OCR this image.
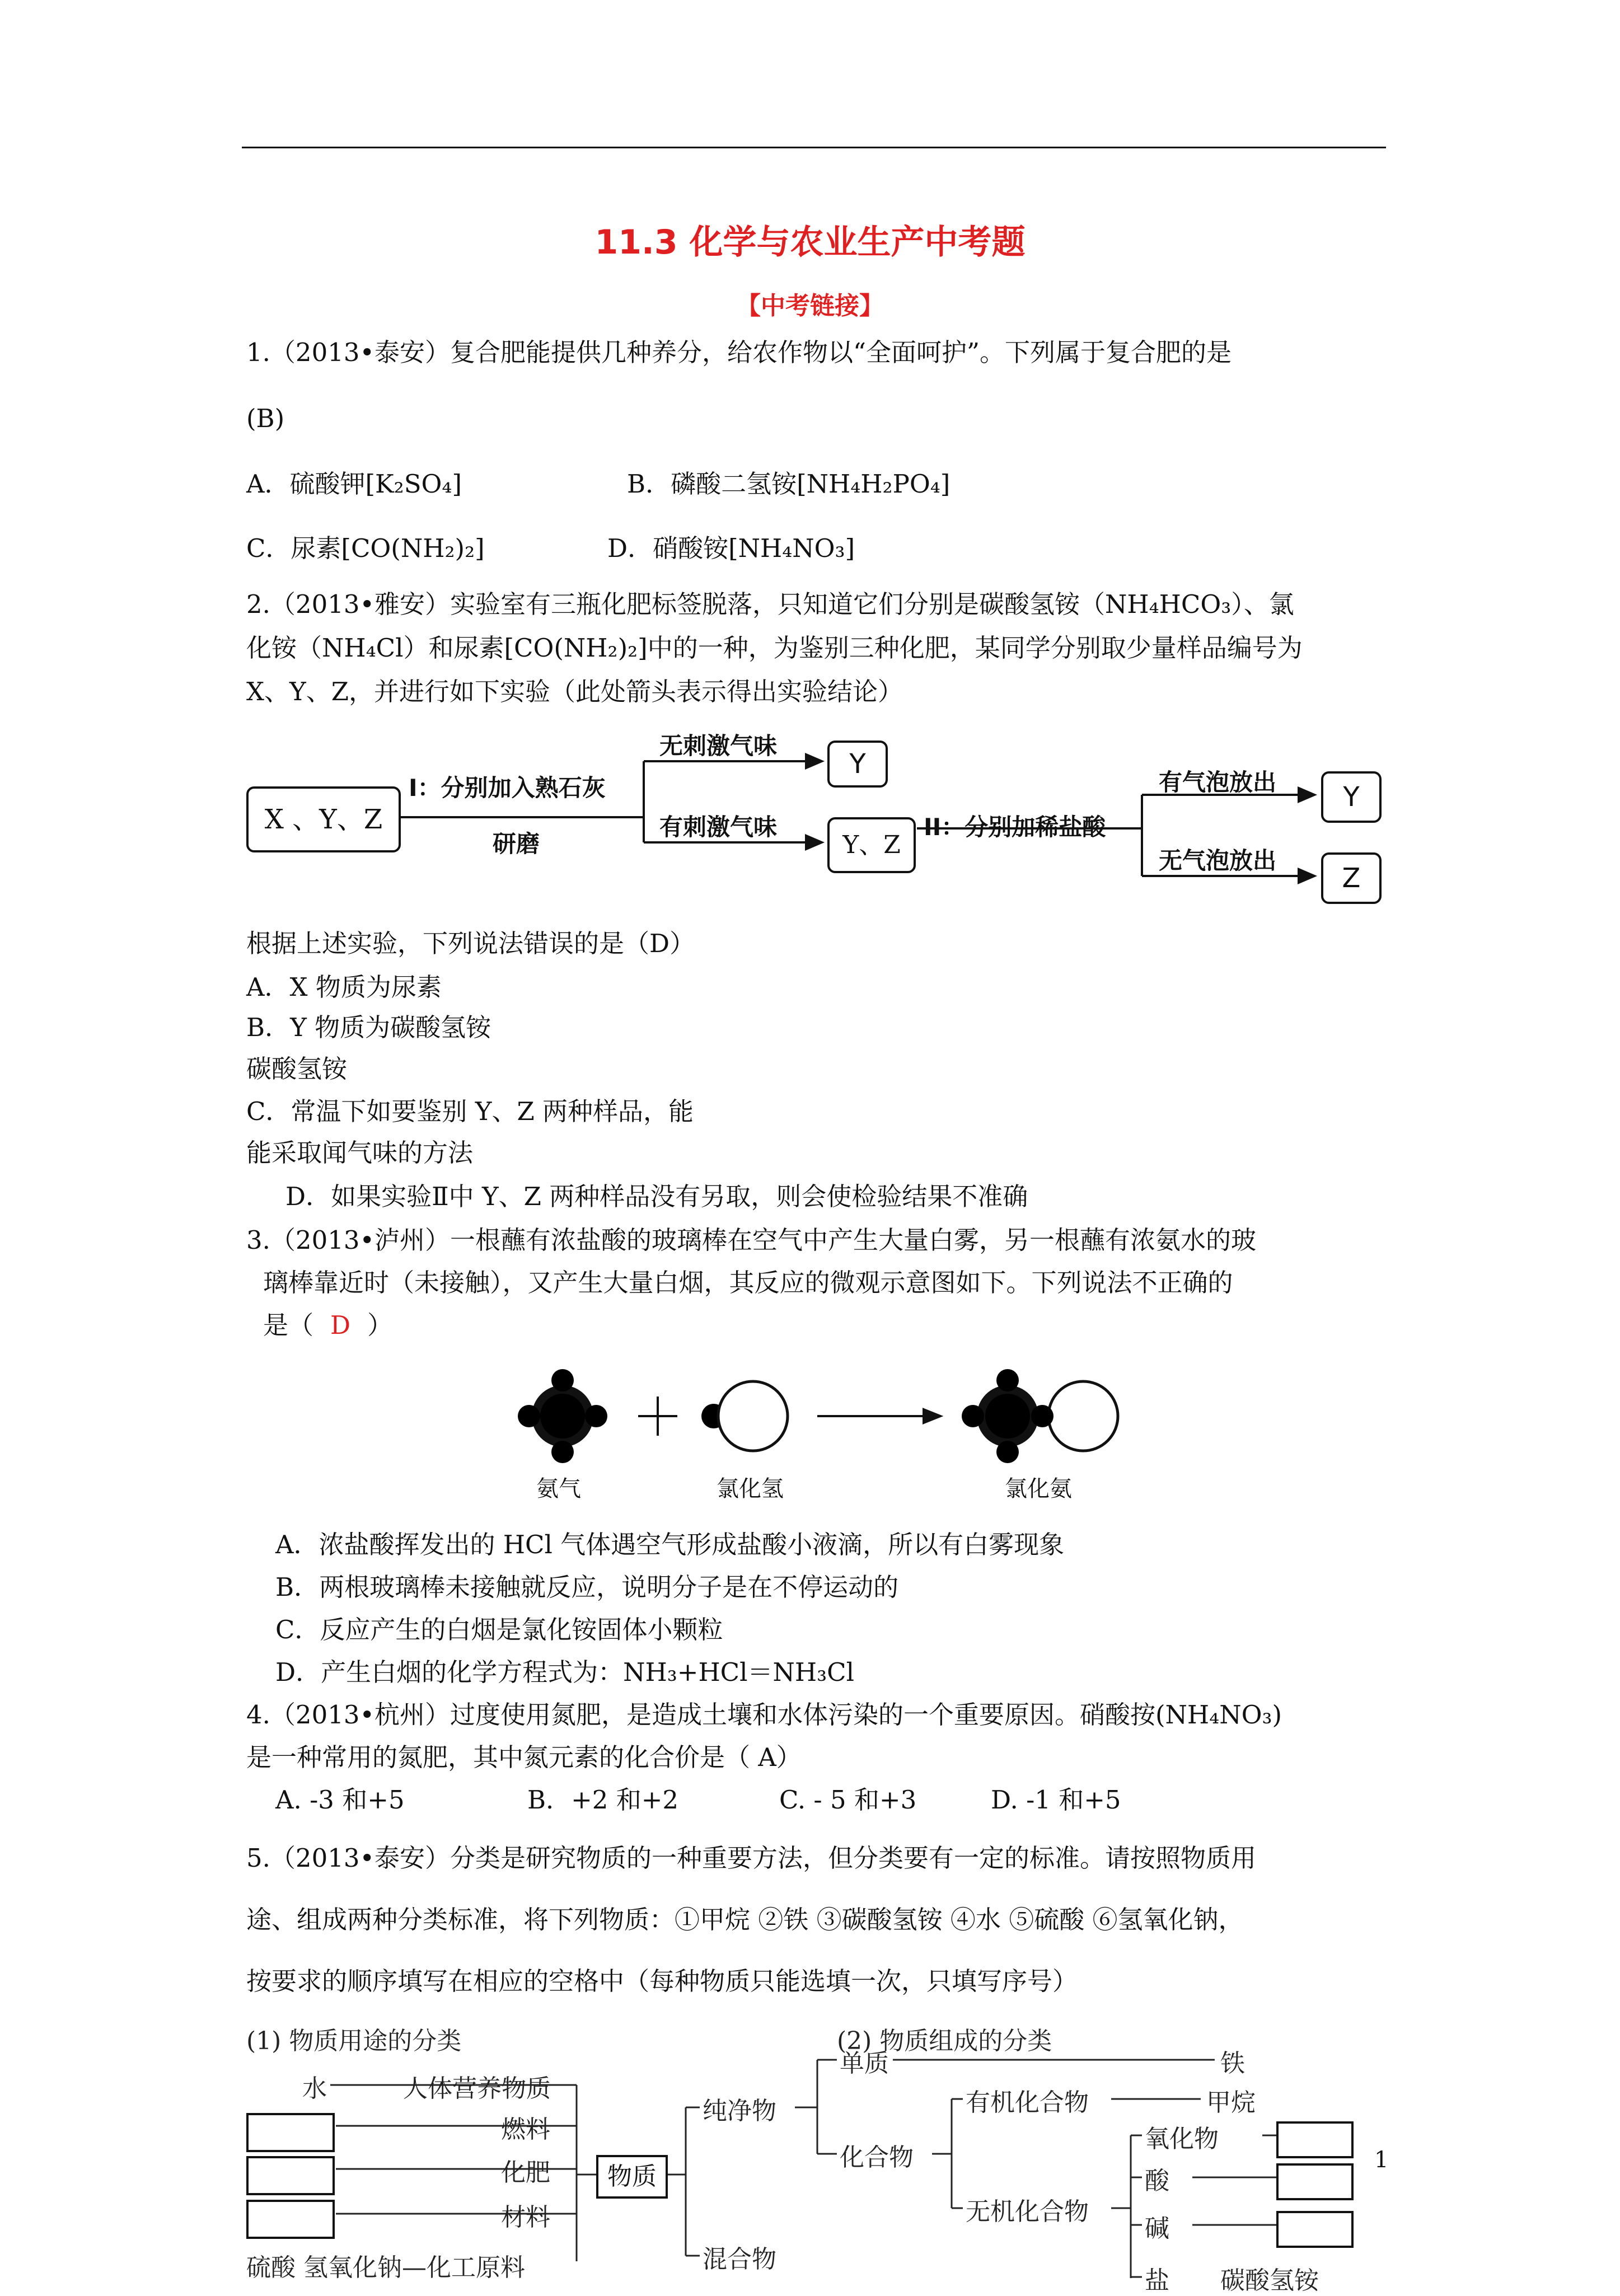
11.3 化学与农业生产中考题
【中考链接】
1.（2013•泰安）复合肥能提供几种养分，给农作物以“全面呵护”。下列属于复合肥的是
(B)
A．硫酸钾[K₂SO₄]	B．磷酸二氢铵[NH₄H₂PO₄]
C．尿素[CO(NH₂)₂]	D．硝酸铵[NH₄NO₃]
2.（2013•雅安）实验室有三瓶化肥标签脱落，只知道它们分别是碳酸氢铵（NH₄HCO₃）、氯
化铵（NH₄Cl）和尿素[CO(NH₂)₂]中的一种，为鉴别三种化肥，某同学分别取少量样品编号为
X、Y、Z，并进行如下实验（此处箭头表示得出实验结论）
X 、Y、Z
I：分别加入熟石灰
研磨
无刺激气味
Y
有刺激气味
Y、Z
II：分别加稀盐酸
有气泡放出	Y
无气泡放出
Z
根据上述实验，下列说法错误的是（D）
A．X 物质为尿素
B．Y 物质为碳酸氢铵
碳酸氢铵
C．常温下如要鉴别 Y、Z 两种样品，能
能采取闻气味的方法
D．如果实验Ⅱ中 Y、Z 两种样品没有另取，则会使检验结果不准确
3.（2013•泸州）一根蘸有浓盐酸的玻璃棒在空气中产生大量白雾，另一根蘸有浓氨水的玻
璃棒靠近时（未接触），又产生大量白烟，其反应的微观示意图如下。下列说法不正确的
是（ D ）
氨气	氯化氢	氯化氨
A．浓盐酸挥发出的 HCl 气体遇空气形成盐酸小液滴，所以有白雾现象
B．两根玻璃棒未接触就反应，说明分子是在不停运动的
C．反应产生的白烟是氯化铵固体小颗粒
D．产生白烟的化学方程式为：NH₃+HCl＝NH₃Cl
4.（2013•杭州）过度使用氮肥，是造成土壤和水体污染的一个重要原因。硝酸按(NH₄NO₃)
是一种常用的氮肥，其中氮元素的化合价是（ A）
A. -3 和+5	B．+2 和+2	C. - 5 和+3	D. -1 和+5
5.（2013•泰安）分类是研究物质的一种重要方法，但分类要有一定的标准。请按照物质用
途、组成两种分类标准，将下列物质：①甲烷 ②铁 ③碳酸氢铵 ④水 ⑤硫酸 ⑥氢氧化钠，
按要求的顺序填写在相应的空格中（每种物质只能选填一次，只填写序号）
(1) 物质用途的分类	(2) 物质组成的分类
水	人体营养物质
燃料
化肥
材料
硫酸 氢氧化钠—化工原料
物质
纯净物
混合物
单质	铁
化合物
有机化合物	甲烷
无机化合物
氧化物
酸
碱
盐 碳酸氢铵
1
